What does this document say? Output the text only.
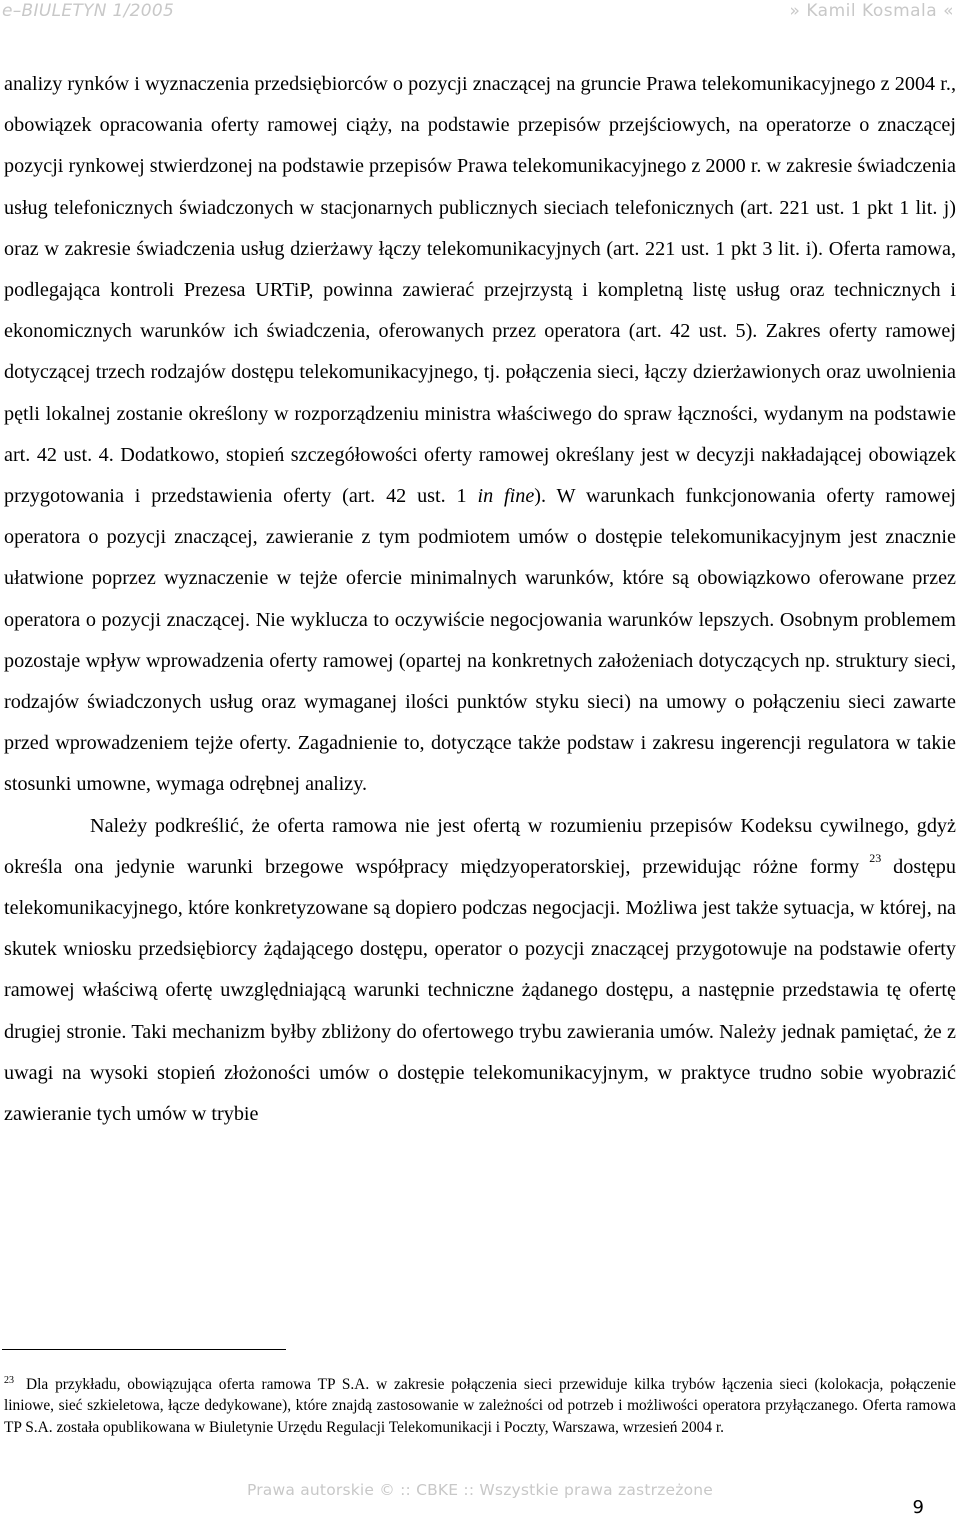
e–BIULETYN 1/2005	» Kamil Kosmala «

analizy rynków i wyznaczenia przedsiębiorców o pozycji znaczącej na gruncie Prawa telekomunikacyjnego z 2004 r., obowiązek opracowania oferty ramowej ciąży, na podstawie przepisów przejściowych, na operatorze o znaczącej pozycji rynkowej stwierdzonej na podstawie przepisów Prawa telekomunikacyjnego z 2000 r. w zakresie świadczenia usług telefonicznych świadczonych w stacjonarnych publicznych sieciach telefonicznych (art. 221 ust. 1 pkt 1 lit. j) oraz w zakresie świadczenia usług dzierżawy łączy telekomunikacyjnych (art. 221 ust. 1 pkt 3 lit. i). Oferta ramowa, podlegająca kontroli Prezesa URTiP, powinna zawierać przejrzystą i kompletną listę usług oraz technicznych i ekonomicznych warunków ich świadczenia, oferowanych przez operatora (art. 42 ust. 5). Zakres oferty ramowej dotyczącej trzech rodzajów dostępu telekomunikacyjnego, tj. połączenia sieci, łączy dzierżawionych oraz uwolnienia pętli lokalnej zostanie określony w rozporządzeniu ministra właściwego do spraw łączności, wydanym na podstawie art. 42 ust. 4. Dodatkowo, stopień szczegółowości oferty ramowej określany jest w decyzji nakładającej obowiązek przygotowania i przedstawienia oferty (art. 42 ust. 1 in fine). W warunkach funkcjonowania oferty ramowej operatora o pozycji znaczącej, zawieranie z tym podmiotem umów o dostępie telekomunikacyjnym jest znacznie ułatwione poprzez wyznaczenie w tejże ofercie minimalnych warunków, które są obowiązkowo oferowane przez operatora o pozycji znaczącej. Nie wyklucza to oczywiście negocjowania warunków lepszych. Osobnym problemem pozostaje wpływ wprowadzenia oferty ramowej (opartej na konkretnych założeniach dotyczących np. struktury sieci, rodzajów świadczonych usług oraz wymaganej ilości punktów styku sieci) na umowy o połączeniu sieci zawarte przed wprowadzeniem tejże oferty. Zagadnienie to, dotyczące także podstaw i zakresu ingerencji regulatora w takie stosunki umowne, wymaga odrębnej analizy.

Należy podkreślić, że oferta ramowa nie jest ofertą w rozumieniu przepisów Kodeksu cywilnego, gdyż określa ona jedynie warunki brzegowe współpracy międzyoperatorskiej, przewidując różne formy $^{23}$ dostępu telekomunikacyjnego, które konkretyzowane są dopiero podczas negocjacji. Możliwa jest także sytuacja, w której, na skutek wniosku przedsiębiorcy żądającego dostępu, operator o pozycji znaczącej przygotowuje na podstawie oferty ramowej właściwą ofertę uwzględniającą warunki techniczne żądanego dostępu, a następnie przedstawia tę ofertę drugiej stronie. Taki mechanizm byłby zbliżony do ofertowego trybu zawierania umów. Należy jednak pamiętać, że z uwagi na wysoki stopień złożoności umów o dostępie telekomunikacyjnym, w praktyce trudno sobie wyobrazić zawieranie tych umów w trybie

$^{23}$ Dla przykładu, obowiązująca oferta ramowa TP S.A. w zakresie połączenia sieci przewiduje kilka trybów łączenia sieci (kolokacja, połączenie liniowe, sieć szkieletowa, łącze dedykowane), które znajdą zastosowanie w zależności od potrzeb i możliwości operatora przyłączanego. Oferta ramowa TP S.A. została opublikowana w Biuletynie Urzędu Regulacji Telekomunikacji i Poczty, Warszawa, wrzesień 2004 r.
Prawa autorskie © :: CBKE :: Wszystkie prawa zastrzeżone
9
